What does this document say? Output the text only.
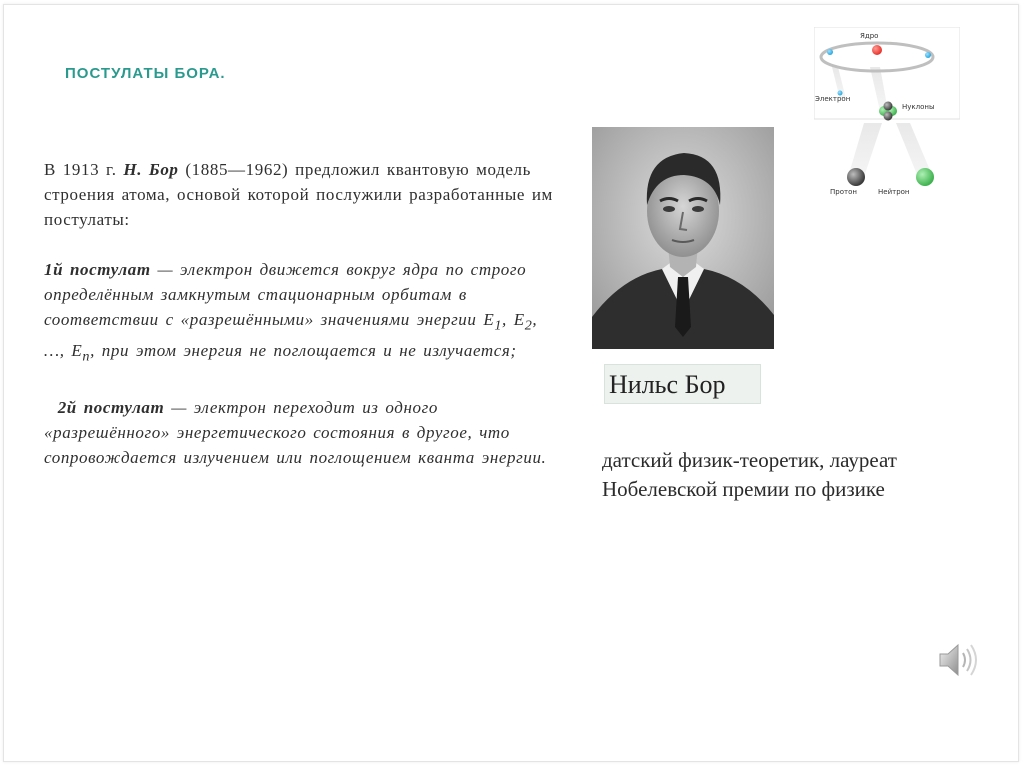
ПОСТУЛАТЫ БОРА.

В 1913 г. Н. Бор (1885—1962) предложил квантовую модель строения атома, основой которой послужили разработанные им постулаты:

1й постулат — электрон движется вокруг ядра по строго определённым замкнутым стационарным орбитам в соответствии с «разрешёнными» значениями энергии $E_1$, $E_2$, …, $E_n$, при этом энергия не поглощается и не излучается;

2й постулат — электрон переходит из одного «разрешённого» энергетического состояния в другое, что сопровождается излучением или поглощением кванта энергии.

Нильс Бор
датский физик-теоретик, лауреат Нобелевской премии по физике
Ядро
Электрон
Нуклоны
Протон	Нейтрон
